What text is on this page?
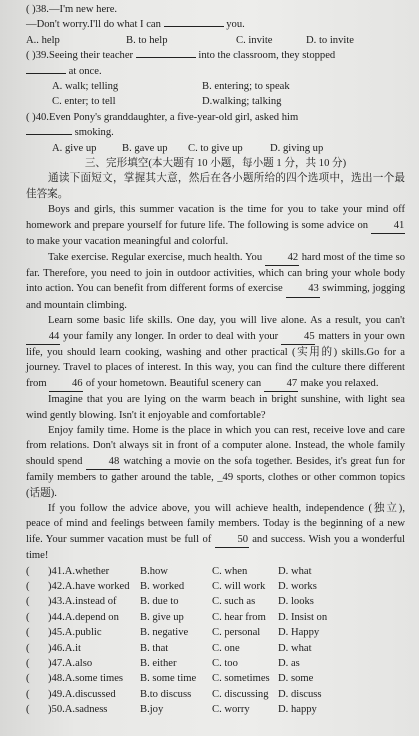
( )38.—I'm new here.
—Don't worry.I'll do what I can	you.
A.. help	B. to help	C. invite	D. to invite
( )39.Seeing their teacher	into the classroom, they stopped
at once.
A. walk; telling	B. entering; to speak
C. enter; to tell	D.walking; talking
( )40.Even Pony's granddaughter, a five-year-old girl, asked him
smoking.
A. give up B. gave up C. to give up	D. giving up
三、完形填空(本大题有 10 小题，每小题 1 分，共 10 分)
通读下面短文，掌握其大意，然后在各小题所给的四个选项中，选出一个最佳答案。
Boys and girls, this summer vacation is the time for you to take your mind off homework and prepare yourself for future life. The following is some advice on 41 to make your vacation meaningful and colorful.
Take exercise. Regular exercise, much health. You 42 hard most of the time so far. Therefore, you need to join in outdoor activities, which can bring your whole body into action. You can benefit from different forms of exercise 43 swimming, jogging and mountain climbing.
Learn some basic life skills. One day, you will live alone. As a result, you can't 44 your family any longer. In order to deal with your 45 matters in your own life, you should learn cooking, washing and other practical (实用的) skills.Go for a journey. Travel to places of interest. In this way, you can find the culture there different from 46 of your hometown. Beautiful scenery can 47 make you relaxed.
Imagine that you are lying on the warm beach in bright sunshine, with light sea wind gently blowing. Isn't it enjoyable and comfortable?
Enjoy family time. Home is the place in which you can rest, receive love and care from relations. Don't always sit in front of a computer alone. Instead, the whole family should spend 48 watching a movie on the sofa together. Besides, it's great fun for family members to gather around the table, _49 sports, clothes or other common topics (话题).
If you follow the advice above, you will achieve health, independence (独立), peace of mind and feelings between family members. Today is the beginning of a new life. Your summer vacation must be full of 50 and success. Wish you a wonderful time!
( )41.A.whether	B.how	C. when	D. what
( )42.A.have worked B. worked	C. will work D. works
( )43.A.instead of B. due to	C. such as D. looks
( )44.A.depend on B. give up	C. hear from D. Insist on
( )45.A.public	B. negative C. personal D. Happy
( )46.A.it	B. that	C. one	D. what
( )47.A.also	B. either	C. too	D. as
( )48.A.some times B. some time C. sometimes D. some
( )49.A.discussed B.to discuss C. discussing D. discuss
( )50.A.sadness	B.joy	C. worry	D. happy
